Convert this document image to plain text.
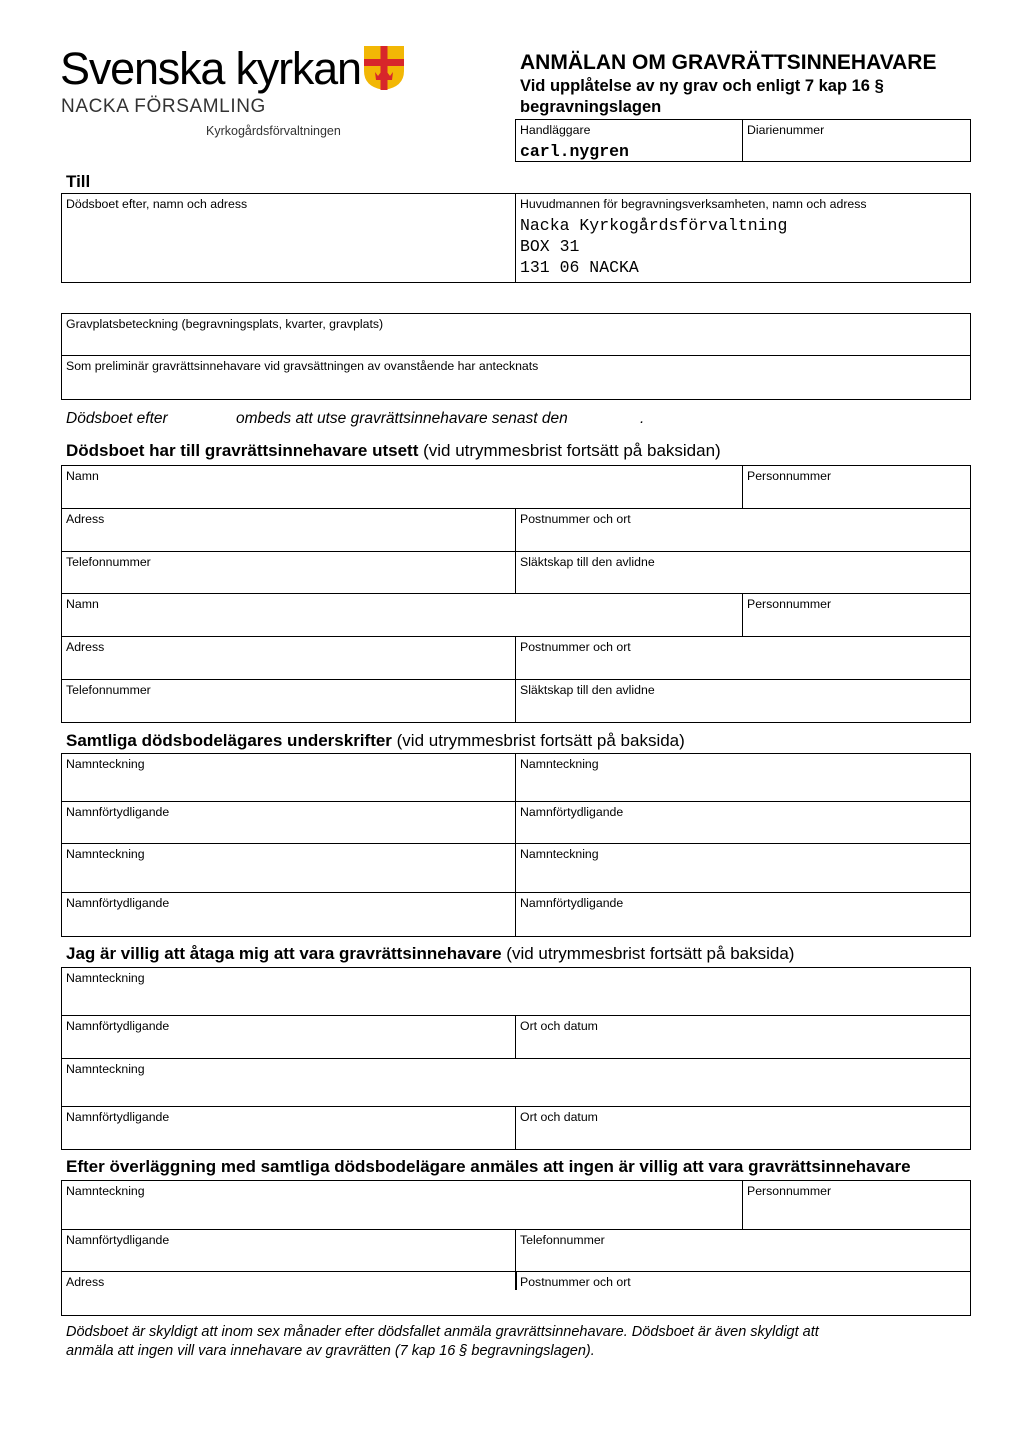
Svenska kyrkan
NACKA FÖRSAMLING
Kyrkogårdsförvaltningen
ANMÄLAN OM GRAVRÄTTSINNEHAVARE
Vid upplåtelse av ny grav och enligt 7 kap 16 §
begravningslagen
Handläggare
carl.nygren
Diarienummer
Till
Dödsboet efter, namn och adress	Huvudmannen för begravningsverksamheten, namn och adress
Nacka Kyrkogårdsförvaltning
BOX 31
131 06 NACKA
Gravplatsbeteckning (begravningsplats, kvarter, gravplats)
Som preliminär gravrättsinnehavare vid gravsättningen av ovanstående har antecknats
Dödsboet efter	ombeds att utse gravrättsinnehavare senast den	.
Dödsboet har till gravrättsinnehavare utsett (vid utrymmesbrist fortsätt på baksidan)
Namn	Personnummer
Adress	Postnummer och ort
Telefonnummer	Släktskap till den avlidne
Namn	Personnummer
Adress	Postnummer och ort
Telefonnummer	Släktskap till den avlidne
Samtliga dödsbodelägares underskrifter (vid utrymmesbrist fortsätt på baksida)
Namnteckning	Namnteckning
Namnförtydligande	Namnförtydligande
Namnteckning	Namnteckning
Namnförtydligande	Namnförtydligande
Jag är villig att åtaga mig att vara gravrättsinnehavare (vid utrymmesbrist fortsätt på baksida)
Namnteckning
Namnförtydligande	Ort och datum
Namnteckning
Namnförtydligande	Ort och datum
Efter överläggning med samtliga dödsbodelägare anmäles att ingen är villig att vara gravrättsinnehavare
Namnteckning	Personnummer
Namnförtydligande	Telefonnummer
Adress	Postnummer och ort
Dödsboet är skyldigt att inom sex månader efter dödsfallet anmäla gravrättsinnehavare. Dödsboet är även skyldigt att
anmäla att ingen vill vara innehavare av gravrätten (7 kap 16 § begravningslagen).
